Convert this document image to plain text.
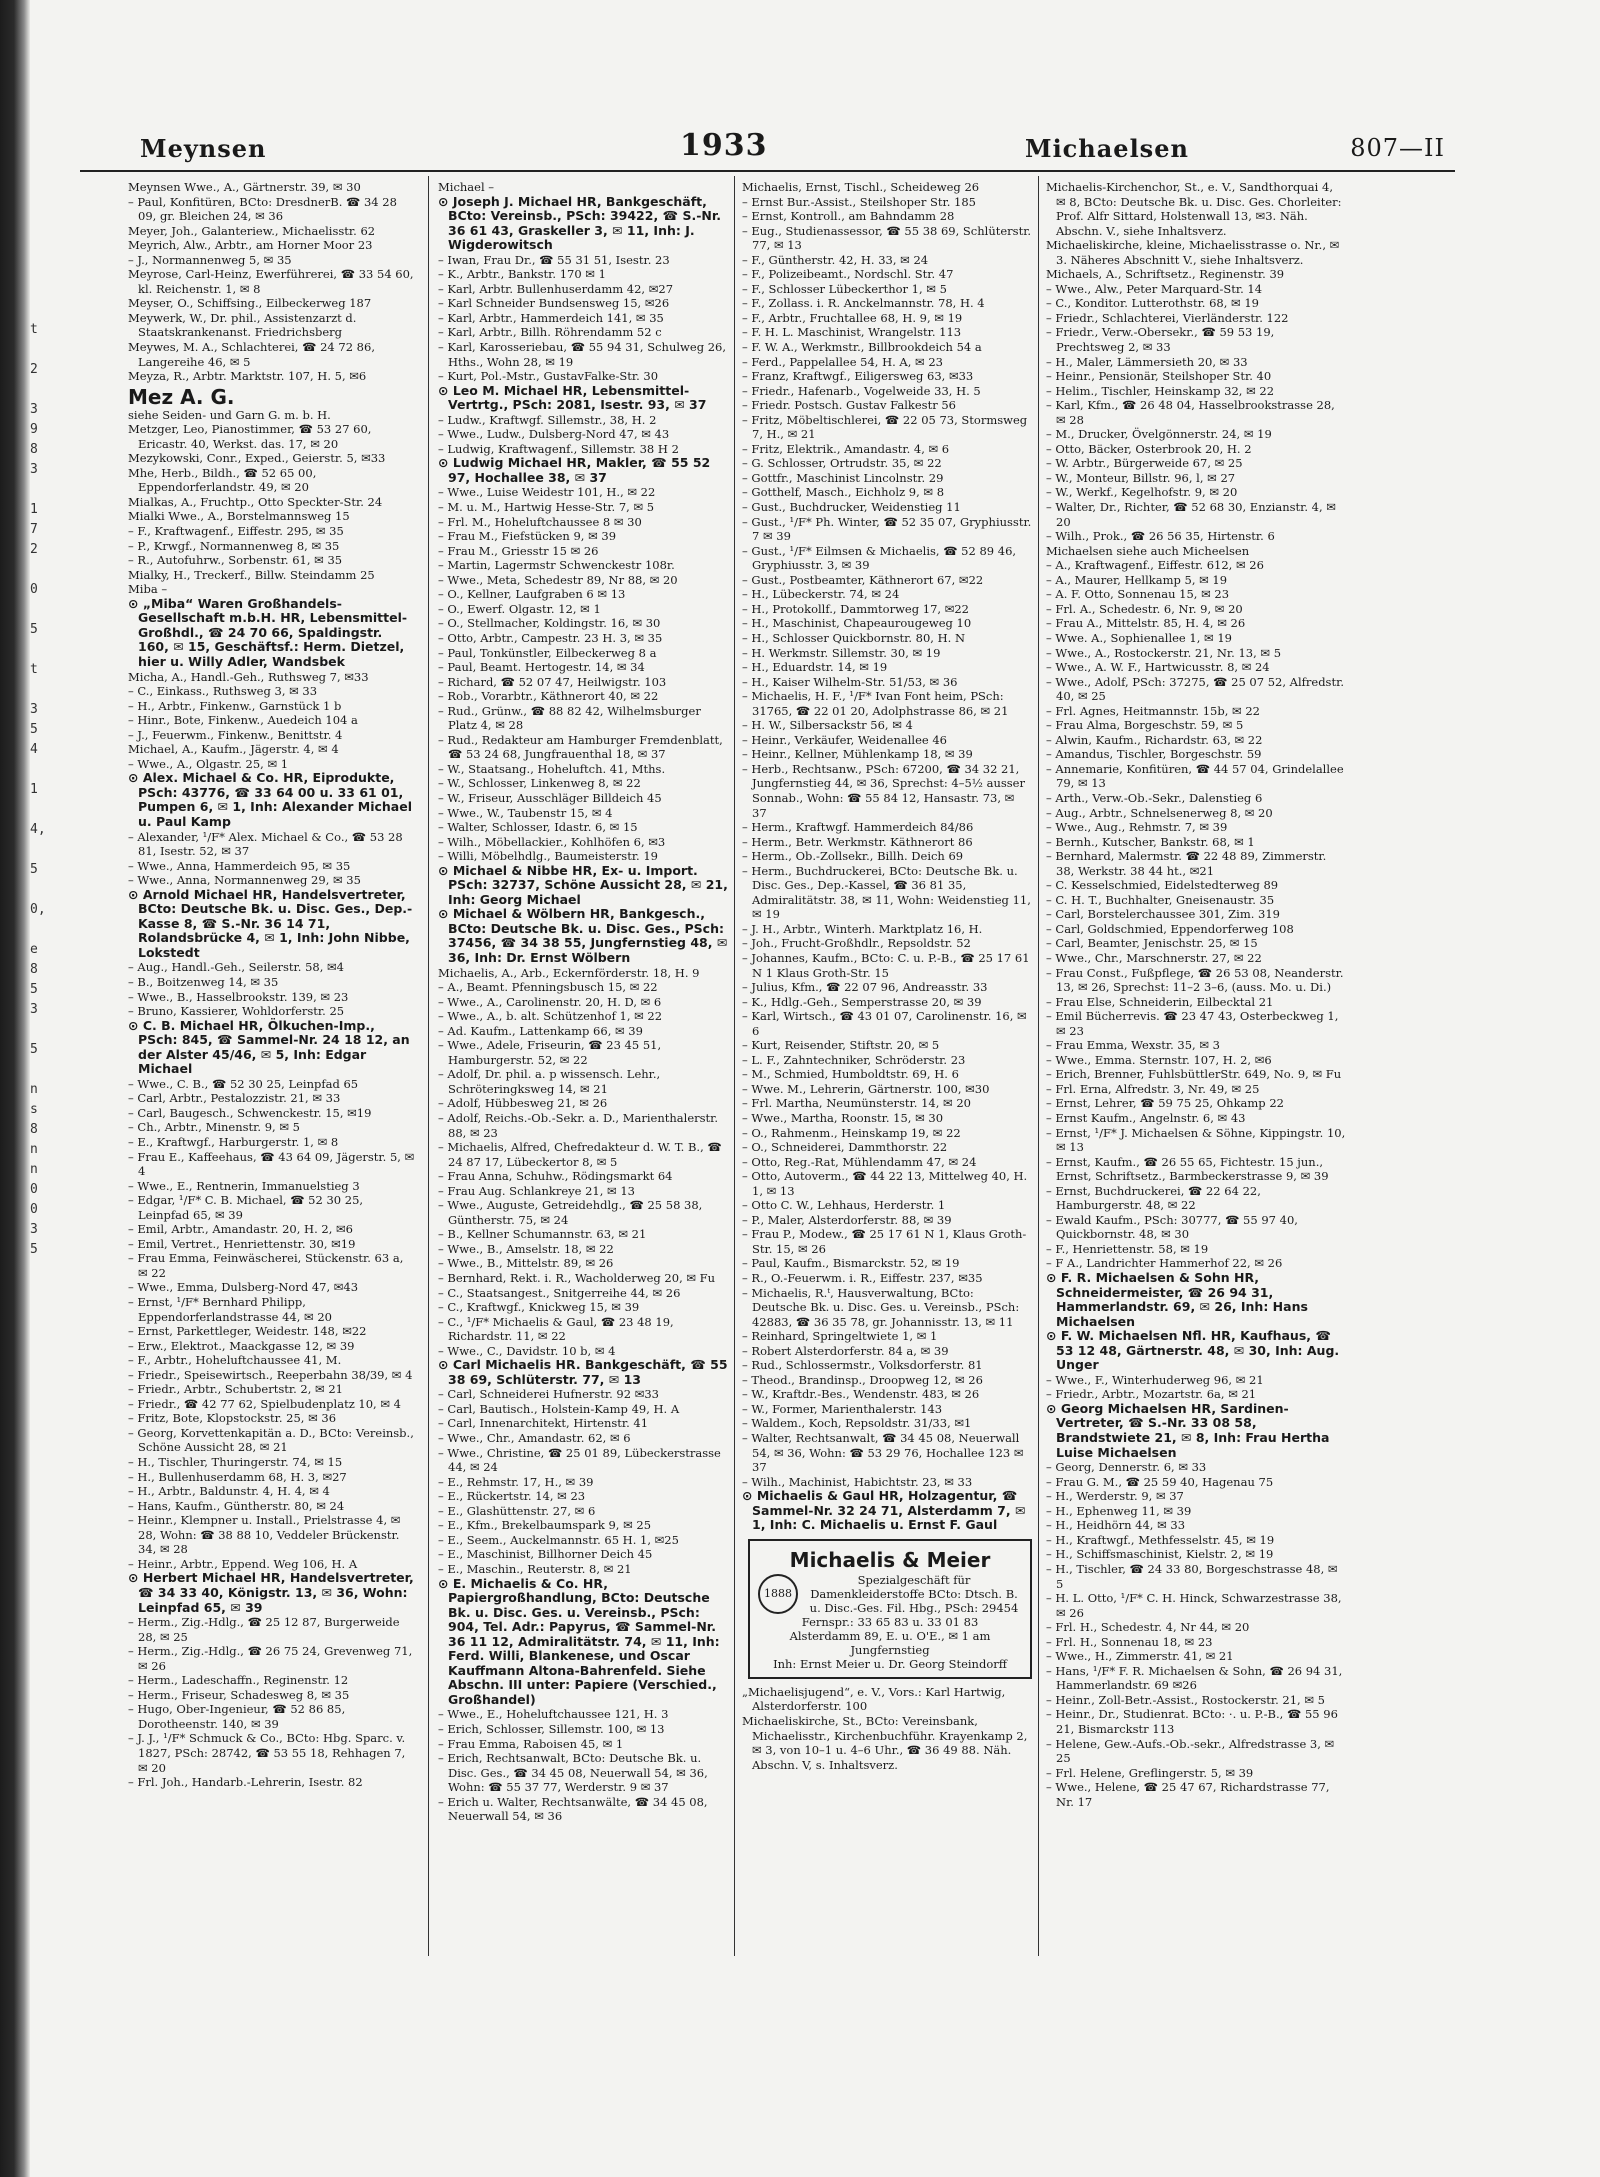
t

2

3
9
8
3

1
7
2

0

5

t

3
5
4

1

4,

5

0,

e
8
5
3

5

n
s
8
n
n
0
0
3
5
Meynsen	1933	Michaelsen	807—II
Meynsen Wwe., A., Gärtnerstr. 39, ✉ 30
– Paul, Konfitüren, BCto: DresdnerB. ☎ 34 28 09, gr. Bleichen 24, ✉ 36
Meyer, Joh., Galanteriew., Michaelisstr. 62
Meyrich, Alw., Arbtr., am Horner Moor 23
– J., Normannenweg 5, ✉ 35
Meyrose, Carl-Heinz, Ewerführerei, ☎ 33 54 60, kl. Reichenstr. 1, ✉ 8
Meyser, O., Schiffsing., Eilbeckerweg 187
Meywerk, W., Dr. phil., Assistenzarzt d. Staatskrankenanst. Friedrichsberg
Meywes, M. A., Schlachterei, ☎ 24 72 86, Langereihe 46, ✉ 5
Meyza, R., Arbtr. Marktstr. 107, H. 5, ✉6
Mez A. G.
siehe Seiden- und Garn G. m. b. H.
Metzger, Leo, Pianostimmer, ☎ 53 27 60, Ericastr. 40, Werkst. das. 17, ✉ 20
Mezykowski, Conr., Exped., Geierstr. 5, ✉33
Mhe, Herb., Bildh., ☎ 52 65 00, Eppendorferlandstr. 49, ✉ 20
Mialkas, A., Fruchtp., Otto Speckter-Str. 24
Mialki Wwe., A., Borstelmannsweg 15
– F., Kraftwagenf., Eiffestr. 295, ✉ 35
– P., Krwgf., Normannenweg 8, ✉ 35
– R., Autofuhrw., Sorbenstr. 61, ✉ 35
Mialky, H., Treckerf., Billw. Steindamm 25
Miba –
⊙ „Miba“ Waren Großhandels-Gesellschaft m.b.H. HR, Lebensmittel-Großhdl., ☎ 24 70 66, Spaldingstr. 160, ✉ 15, Geschäftsf.: Herm. Dietzel, hier u. Willy Adler, Wandsbek
Micha, A., Handl.-Geh., Ruthsweg 7, ✉33
– C., Einkass., Ruthsweg 3, ✉ 33
– H., Arbtr., Finkenw., Garnstück 1 b
– Hinr., Bote, Finkenw., Auedeich 104 a
– J., Feuerwm., Finkenw., Benittstr. 4
Michael, A., Kaufm., Jägerstr. 4, ✉ 4
– Wwe., A., Olgastr. 25, ✉ 1
⊙ Alex. Michael & Co. HR, Eiprodukte, PSch: 43776, ☎ 33 64 00 u. 33 61 01, Pumpen 6, ✉ 1, Inh: Alexander Michael u. Paul Kamp
– Alexander, ¹/F* Alex. Michael & Co., ☎ 53 28 81, Isestr. 52, ✉ 37
– Wwe., Anna, Hammerdeich 95, ✉ 35
– Wwe., Anna, Normannenweg 29, ✉ 35
⊙ Arnold Michael HR, Handelsvertreter, BCto: Deutsche Bk. u. Disc. Ges., Dep.-Kasse 8, ☎ S.-Nr. 36 14 71, Rolandsbrücke 4, ✉ 1, Inh: John Nibbe, Lokstedt
– Aug., Handl.-Geh., Seilerstr. 58, ✉4
– B., Boitzenweg 14, ✉ 35
– Wwe., B., Hasselbrookstr. 139, ✉ 23
– Bruno, Kassierer, Wohldorferstr. 25
⊙ C. B. Michael HR, Ölkuchen-Imp., PSch: 845, ☎ Sammel-Nr. 24 18 12, an der Alster 45/46, ✉ 5, Inh: Edgar Michael
– Wwe., C. B., ☎ 52 30 25, Leinpfad 65
– Carl, Arbtr., Pestalozzistr. 21, ✉ 33
– Carl, Baugesch., Schwenckestr. 15, ✉19
– Ch., Arbtr., Minenstr. 9, ✉ 5
– E., Kraftwgf., Harburgerstr. 1, ✉ 8
– Frau E., Kaffeehaus, ☎ 43 64 09, Jägerstr. 5, ✉ 4
– Wwe., E., Rentnerin, Immanuelstieg 3
– Edgar, ¹/F* C. B. Michael, ☎ 52 30 25, Leinpfad 65, ✉ 39
– Emil, Arbtr., Amandastr. 20, H. 2, ✉6
– Emil, Vertret., Henriettenstr. 30, ✉19
– Frau Emma, Feinwäscherei, Stückenstr. 63 a, ✉ 22
– Wwe., Emma, Dulsberg-Nord 47, ✉43
– Ernst, ¹/F* Bernhard Philipp, Eppendorferlandstrasse 44, ✉ 20
– Ernst, Parkettleger, Weidestr. 148, ✉22
– Erw., Elektrot., Maackgasse 12, ✉ 39
– F., Arbtr., Hoheluftchaussee 41, M.
– Friedr., Speisewirtsch., Reeperbahn 38/39, ✉ 4
– Friedr., Arbtr., Schubertstr. 2, ✉ 21
– Friedr., ☎ 42 77 62, Spielbudenplatz 10, ✉ 4
– Fritz, Bote, Klopstockstr. 25, ✉ 36
– Georg, Korvettenkapitän a. D., BCto: Vereinsb., Schöne Aussicht 28, ✉ 21
– H., Tischler, Thuringerstr. 74, ✉ 15
– H., Bullenhuserdamm 68, H. 3, ✉27
– H., Arbtr., Baldunstr. 4, H. 4, ✉ 4
– Hans, Kaufm., Güntherstr. 80, ✉ 24
– Heinr., Klempner u. Install., Prielstrasse 4, ✉ 28, Wohn: ☎ 38 88 10, Veddeler Brückenstr. 34, ✉ 28
– Heinr., Arbtr., Eppend. Weg 106, H. A
⊙ Herbert Michael HR, Handelsvertreter, ☎ 34 33 40, Königstr. 13, ✉ 36, Wohn: Leinpfad 65, ✉ 39
– Herm., Zig.-Hdlg., ☎ 25 12 87, Burgerweide 28, ✉ 25
– Herm., Zig.-Hdlg., ☎ 26 75 24, Grevenweg 71, ✉ 26
– Herm., Ladeschaffn., Reginenstr. 12
– Herm., Friseur, Schadesweg 8, ✉ 35
– Hugo, Ober-Ingenieur, ☎ 52 86 85, Dorotheenstr. 140, ✉ 39
– J. J., ¹/F* Schmuck & Co., BCto: Hbg. Sparc. v. 1827, PSch: 28742, ☎ 53 55 18, Rehhagen 7, ✉ 20
– Frl. Joh., Handarb.-Lehrerin, Isestr. 82
Michael –
⊙ Joseph J. Michael HR, Bankgeschäft, BCto: Vereinsb., PSch: 39422, ☎ S.-Nr. 36 61 43, Graskeller 3, ✉ 11, Inh: J. Wigderowitsch
– Iwan, Frau Dr., ☎ 55 31 51, Isestr. 23
– K., Arbtr., Bankstr. 170 ✉ 1
– Karl, Arbtr. Bullenhuserdamm 42, ✉27
– Karl Schneider Bundsensweg 15, ✉26
– Karl, Arbtr., Hammerdeich 141, ✉ 35
– Karl, Arbtr., Billh. Röhrendamm 52 c
– Karl, Karosseriebau, ☎ 55 94 31, Schulweg 26, Hths., Wohn 28, ✉ 19
– Kurt, Pol.-Mstr., GustavFalke-Str. 30
⊙ Leo M. Michael HR, Lebensmittel-Vertrtg., PSch: 2081, Isestr. 93, ✉ 37
– Ludw., Kraftwgf. Sillemstr., 38, H. 2
– Wwe., Ludw., Dulsberg-Nord 47, ✉ 43
– Ludwig, Kraftwagenf., Sillemstr. 38 H 2
⊙ Ludwig Michael HR, Makler, ☎ 55 52 97, Hochallee 38, ✉ 37
– Wwe., Luise Weidestr 101, H., ✉ 22
– M. u. M., Hartwig Hesse-Str. 7, ✉ 5
– Frl. M., Hoheluftchaussee 8 ✉ 30
– Frau M., Fiefstücken 9, ✉ 39
– Frau M., Griesstr 15 ✉ 26
– Martin, Lagermstr Schwenckestr 108r.
– Wwe., Meta, Schedestr 89, Nr 88, ✉ 20
– O., Kellner, Laufgraben 6 ✉ 13
– O., Ewerf. Olgastr. 12, ✉ 1
– O., Stellmacher, Koldingstr. 16, ✉ 30
– Otto, Arbtr., Campestr. 23 H. 3, ✉ 35
– Paul, Tonkünstler, Eilbeckerweg 8 a
– Paul, Beamt. Hertogestr. 14, ✉ 34
– Richard, ☎ 52 07 47, Heilwigstr. 103
– Rob., Vorarbtr., Käthnerort 40, ✉ 22
– Rud., Grünw., ☎ 88 82 42, Wilhelmsburger Platz 4, ✉ 28
– Rud., Redakteur am Hamburger Fremdenblatt, ☎ 53 24 68, Jungfrauenthal 18, ✉ 37
– W., Staatsang., Hoheluftch. 41, Mths.
– W., Schlosser, Linkenweg 8, ✉ 22
– W., Friseur, Ausschläger Billdeich 45
– Wwe., W., Taubenstr 15, ✉ 4
– Walter, Schlosser, Idastr. 6, ✉ 15
– Wilh., Möbellackier., Kohlhöfen 6, ✉3
– Willi, Möbelhdlg., Baumeisterstr. 19
⊙ Michael & Nibbe HR, Ex- u. Import. PSch: 32737, Schöne Aussicht 28, ✉ 21, Inh: Georg Michael
⊙ Michael & Wölbern HR, Bankgesch., BCto: Deutsche Bk. u. Disc. Ges., PSch: 37456, ☎ 34 38 55, Jungfernstieg 48, ✉ 36, Inh: Dr. Ernst Wölbern
Michaelis, A., Arb., Eckernförderstr. 18, H. 9
– A., Beamt. Pfenningsbusch 15, ✉ 22
– Wwe., A., Carolinenstr. 20, H. D, ✉ 6
– Wwe., A., b. alt. Schützenhof 1, ✉ 22
– Ad. Kaufm., Lattenkamp 66, ✉ 39
– Wwe., Adele, Friseurin, ☎ 23 45 51, Hamburgerstr. 52, ✉ 22
– Adolf, Dr. phil. a. p wissensch. Lehr., Schröteringksweg 14, ✉ 21
– Adolf, Hübbesweg 21, ✉ 26
– Adolf, Reichs.-Ob.-Sekr. a. D., Marienthalerstr. 88, ✉ 23
– Michaelis, Alfred, Chefredakteur d. W. T. B., ☎ 24 87 17, Lübeckertor 8, ✉ 5
– Frau Anna, Schuhw., Rödingsmarkt 64
– Frau Aug. Schlankreye 21, ✉ 13
– Wwe., Auguste, Getreidehdlg., ☎ 25 58 38, Güntherstr. 75, ✉ 24
– B., Kellner Schumannstr. 63, ✉ 21
– Wwe., B., Amselstr. 18, ✉ 22
– Wwe., B., Mittelstr. 89, ✉ 26
– Bernhard, Rekt. i. R., Wacholderweg 20, ✉ Fu
– C., Staatsangest., Snitgerreihe 44, ✉ 26
– C., Kraftwgf., Knickweg 15, ✉ 39
– C., ¹/F* Michaelis & Gaul, ☎ 23 48 19, Richardstr. 11, ✉ 22
– Wwe., C., Davidstr. 10 b, ✉ 4
⊙ Carl Michaelis HR. Bankgeschäft, ☎ 55 38 69, Schlüterstr. 77, ✉ 13
– Carl, Schneiderei Hufnerstr. 92 ✉33
– Carl, Bautisch., Holstein-Kamp 49, H. A
– Carl, Innenarchitekt, Hirtenstr. 41
– Wwe., Chr., Amandastr. 62, ✉ 6
– Wwe., Christine, ☎ 25 01 89, Lübeckerstrasse 44, ✉ 24
– E., Rehmstr. 17, H., ✉ 39
– E., Rückertstr. 14, ✉ 23
– E., Glashüttenstr. 27, ✉ 6
– E., Kfm., Brekelbaumspark 9, ✉ 25
– E., Seem., Auckelmannstr. 65 H. 1, ✉25
– E., Maschinist, Billhorner Deich 45
– E., Maschin., Reuterstr. 8, ✉ 21
⊙ E. Michaelis & Co. HR, Papiergroßhandlung, BCto: Deutsche Bk. u. Disc. Ges. u. Vereinsb., PSch: 904, Tel. Adr.: Papyrus, ☎ Sammel-Nr. 36 11 12, Admiralitätstr. 74, ✉ 11, Inh: Ferd. Willi, Blankenese, und Oscar Kauffmann Altona-Bahrenfeld. Siehe Abschn. III unter: Papiere (Verschied., Großhandel)
– Wwe., E., Hoheluftchaussee 121, H. 3
– Erich, Schlosser, Sillemstr. 100, ✉ 13
– Frau Emma, Raboisen 45, ✉ 1
– Erich, Rechtsanwalt, BCto: Deutsche Bk. u. Disc. Ges., ☎ 34 45 08, Neuerwall 54, ✉ 36, Wohn: ☎ 55 37 77, Werderstr. 9 ✉ 37
– Erich u. Walter, Rechtsanwälte, ☎ 34 45 08, Neuerwall 54, ✉ 36
Michaelis, Ernst, Tischl., Scheideweg 26
– Ernst Bur.-Assist., Steilshoper Str. 185
– Ernst, Kontroll., am Bahndamm 28
– Eug., Studienassessor, ☎ 55 38 69, Schlüterstr. 77, ✉ 13
– F., Güntherstr. 42, H. 33, ✉ 24
– F., Polizeibeamt., Nordschl. Str. 47
– F., Schlosser Lübeckerthor 1, ✉ 5
– F., Zollass. i. R. Anckelmannstr. 78, H. 4
– F., Arbtr., Fruchtallee 68, H. 9, ✉ 19
– F. H. L. Maschinist, Wrangelstr. 113
– F. W. A., Werkmstr., Billbrookdeich 54 a
– Ferd., Pappelallee 54, H. A, ✉ 23
– Franz, Kraftwgf., Eiligersweg 63, ✉33
– Friedr., Hafenarb., Vogelweide 33, H. 5
– Friedr. Postsch. Gustav Falkestr 56
– Fritz, Möbeltischlerei, ☎ 22 05 73, Stormsweg 7, H., ✉ 21
– Fritz, Elektrik., Amandastr. 4, ✉ 6
– G. Schlosser, Ortrudstr. 35, ✉ 22
– Gottfr., Maschinist Lincolnstr. 29
– Gotthelf, Masch., Eichholz 9, ✉ 8
– Gust., Buchdrucker, Weidenstieg 11
– Gust., ¹/F* Ph. Winter, ☎ 52 35 07, Gryphiusstr. 7 ✉ 39
– Gust., ¹/F* Eilmsen & Michaelis, ☎ 52 89 46, Gryphiusstr. 3, ✉ 39
– Gust., Postbeamter, Käthnerort 67, ✉22
– H., Lübeckerstr. 74, ✉ 24
– H., Protokollf., Dammtorweg 17, ✉22
– H., Maschinist, Chapeaurougeweg 10
– H., Schlosser Quickbornstr. 80, H. N
– H. Werkmstr. Sillemstr. 30, ✉ 19
– H., Eduardstr. 14, ✉ 19
– H., Kaiser Wilhelm-Str. 51/53, ✉ 36
– Michaelis, H. F., ¹/F* Ivan Font heim, PSch: 31765, ☎ 22 01 20, Adolphstrasse 86, ✉ 21
– H. W., Silbersackstr 56, ✉ 4
– Heinr., Verkäufer, Weidenallee 46
– Heinr., Kellner, Mühlenkamp 18, ✉ 39
– Herb., Rechtsanw., PSch: 67200, ☎ 34 32 21, Jungfernstieg 44, ✉ 36, Sprechst: 4–5½ ausser Sonnab., Wohn: ☎ 55 84 12, Hansastr. 73, ✉ 37
– Herm., Kraftwgf. Hammerdeich 84/86
– Herm., Betr. Werkmstr. Käthnerort 86
– Herm., Ob.-Zollsekr., Billh. Deich 69
– Herm., Buchdruckerei, BCto: Deutsche Bk. u. Disc. Ges., Dep.-Kassel, ☎ 36 81 35, Admiralitätstr. 38, ✉ 11, Wohn: Weidenstieg 11, ✉ 19
– J. H., Arbtr., Winterh. Marktplatz 16, H.
– Joh., Frucht-Großhdlr., Repsoldstr. 52
– Johannes, Kaufm., BCto: C. u. P.-B., ☎ 25 17 61 N 1 Klaus Groth-Str. 15
– Julius, Kfm., ☎ 22 07 96, Andreasstr. 33
– K., Hdlg.-Geh., Semperstrasse 20, ✉ 39
– Karl, Wirtsch., ☎ 43 01 07, Carolinenstr. 16, ✉ 6
– Kurt, Reisender, Stiftstr. 20, ✉ 5
– L. F., Zahntechniker, Schröderstr. 23
– M., Schmied, Humboldtstr. 69, H. 6
– Wwe. M., Lehrerin, Gärtnerstr. 100, ✉30
– Frl. Martha, Neumünsterstr. 14, ✉ 20
– Wwe., Martha, Roonstr. 15, ✉ 30
– O., Rahmenm., Heinskamp 19, ✉ 22
– O., Schneiderei, Dammthorstr. 22
– Otto, Reg.-Rat, Mühlendamm 47, ✉ 24
– Otto, Autoverm., ☎ 44 22 13, Mittelweg 40, H. 1, ✉ 13
– Otto C. W., Lehhaus, Herderstr. 1
– P., Maler, Alsterdorferstr. 88, ✉ 39
– Frau P., Modew., ☎ 25 17 61 N 1, Klaus Groth-Str. 15, ✉ 26
– Paul, Kaufm., Bismarckstr. 52, ✉ 19
– R., O.-Feuerwm. i. R., Eiffestr. 237, ✉35
– Michaelis, R.ᵗ, Hausverwaltung, BCto: Deutsche Bk. u. Disc. Ges. u. Vereinsb., PSch: 42883, ☎ 36 35 78, gr. Johannisstr. 13, ✉ 11
– Reinhard, Springeltwiete 1, ✉ 1
– Robert Alsterdorferstr. 84 a, ✉ 39
– Rud., Schlossermstr., Volksdorferstr. 81
– Theod., Brandinsp., Droopweg 12, ✉ 26
– W., Kraftdr.-Bes., Wendenstr. 483, ✉ 26
– W., Former, Marienthalerstr. 143
– Waldem., Koch, Repsoldstr. 31/33, ✉1
– Walter, Rechtsanwalt, ☎ 34 45 08, Neuerwall 54, ✉ 36, Wohn: ☎ 53 29 76, Hochallee 123 ✉ 37
– Wilh., Machinist, Habichtstr. 23, ✉ 33
⊙ Michaelis & Gaul HR, Holzagentur, ☎ Sammel-Nr. 32 24 71, Alsterdamm 7, ✉ 1, Inh: C. Michaelis u. Ernst F. Gaul
Michaelis & Meier
1888
Spezialgeschäft für Damenkleiderstoffe BCto: Dtsch. B. u. Disc.-Ges. Fil. Hbg., PSch: 29454
Fernspr.: 33 65 83 u. 33 01 83
Alsterdamm 89, E. u. O'E., ✉ 1 am Jungfernstieg
Inh: Ernst Meier u. Dr. Georg Steindorff
„Michaelisjugend“, e. V., Vors.: Karl Hartwig, Alsterdorferstr. 100
Michaeliskirche, St., BCto: Vereinsbank, Michaelisstr., Kirchenbuchführ. Krayenkamp 2, ✉ 3, von 10–1 u. 4–6 Uhr., ☎ 36 49 88. Näh. Abschn. V, s. Inhaltsverz.
Michaelis-Kirchenchor, St., e. V., Sandthorquai 4, ✉ 8, BCto: Deutsche Bk. u. Disc. Ges. Chorleiter: Prof. Alfr Sittard, Holstenwall 13, ✉3. Näh. Abschn. V., siehe Inhaltsverz.
Michaeliskirche, kleine, Michaelisstrasse o. Nr., ✉ 3. Näheres Abschnitt V., siehe Inhaltsverz.
Michaels, A., Schriftsetz., Reginenstr. 39
– Wwe., Alw., Peter Marquard-Str. 14
– C., Konditor. Lutterothstr. 68, ✉ 19
– Friedr., Schlachterei, Vierländerstr. 122
– Friedr., Verw.-Obersekr., ☎ 59 53 19, Prechtsweg 2, ✉ 33
– H., Maler, Lämmersieth 20, ✉ 33
– Heinr., Pensionär, Steilshoper Str. 40
– Helim., Tischler, Heinskamp 32, ✉ 22
– Karl, Kfm., ☎ 26 48 04, Hasselbrookstrasse 28, ✉ 28
– M., Drucker, Övelgönnerstr. 24, ✉ 19
– Otto, Bäcker, Osterbrook 20, H. 2
– W. Arbtr., Bürgerweide 67, ✉ 25
– W., Monteur, Billstr. 96, l, ✉ 27
– W., Werkf., Kegelhofstr. 9, ✉ 20
– Walter, Dr., Richter, ☎ 52 68 30, Enzianstr. 4, ✉ 20
– Wilh., Prok., ☎ 26 56 35, Hirtenstr. 6
Michaelsen siehe auch Micheelsen
– A., Kraftwagenf., Eiffestr. 612, ✉ 26
– A., Maurer, Hellkamp 5, ✉ 19
– A. F. Otto, Sonnenau 15, ✉ 23
– Frl. A., Schedestr. 6, Nr. 9, ✉ 20
– Frau A., Mittelstr. 85, H. 4, ✉ 26
– Wwe. A., Sophienallee 1, ✉ 19
– Wwe., A., Rostockerstr. 21, Nr. 13, ✉ 5
– Wwe., A. W. F., Hartwicusstr. 8, ✉ 24
– Wwe., Adolf, PSch: 37275, ☎ 25 07 52, Alfredstr. 40, ✉ 25
– Frl. Agnes, Heitmannstr. 15b, ✉ 22
– Frau Alma, Borgeschstr. 59, ✉ 5
– Alwin, Kaufm., Richardstr. 63, ✉ 22
– Amandus, Tischler, Borgeschstr. 59
– Annemarie, Konfitüren, ☎ 44 57 04, Grindelallee 79, ✉ 13
– Arth., Verw.-Ob.-Sekr., Dalenstieg 6
– Aug., Arbtr., Schnelsenerweg 8, ✉ 20
– Wwe., Aug., Rehmstr. 7, ✉ 39
– Bernh., Kutscher, Bankstr. 68, ✉ 1
– Bernhard, Malermstr. ☎ 22 48 89, Zimmerstr. 38, Werkstr. 38 44 ht., ✉21
– C. Kesselschmied, Eidelstedterweg 89
– C. H. T., Buchhalter, Gneisenaustr. 35
– Carl, Borstelerchaussee 301, Zim. 319
– Carl, Goldschmied, Eppendorferweg 108
– Carl, Beamter, Jenischstr. 25, ✉ 15
– Wwe., Chr., Marschnerstr. 27, ✉ 22
– Frau Const., Fußpflege, ☎ 26 53 08, Neanderstr. 13, ✉ 26, Sprechst: 11–2 3–6, (auss. Mo. u. Di.)
– Frau Else, Schneiderin, Eilbecktal 21
– Emil Bücherrevis. ☎ 23 47 43, Osterbeckweg 1, ✉ 23
– Frau Emma, Wexstr. 35, ✉ 3
– Wwe., Emma. Sternstr. 107, H. 2, ✉6
– Erich, Brenner, FuhlsbüttlerStr. 649, No. 9, ✉ Fu
– Frl. Erna, Alfredstr. 3, Nr. 49, ✉ 25
– Ernst, Lehrer, ☎ 59 75 25, Ohkamp 22
– Ernst Kaufm., Angelnstr. 6, ✉ 43
– Ernst, ¹/F* J. Michaelsen & Söhne, Kippingstr. 10, ✉ 13
– Ernst, Kaufm., ☎ 26 55 65, Fichtestr. 15 jun., Ernst, Schriftsetz., Barmbeckerstrasse 9, ✉ 39
– Ernst, Buchdruckerei, ☎ 22 64 22, Hamburgerstr. 48, ✉ 22
– Ewald Kaufm., PSch: 30777, ☎ 55 97 40, Quickbornstr. 48, ✉ 30
– F., Henriettenstr. 58, ✉ 19
– F A., Landrichter Hammerhof 22, ✉ 26
⊙ F. R. Michaelsen & Sohn HR, Schneidermeister, ☎ 26 94 31, Hammerlandstr. 69, ✉ 26, Inh: Hans Michaelsen
⊙ F. W. Michaelsen Nfl. HR, Kaufhaus, ☎ 53 12 48, Gärtnerstr. 48, ✉ 30, Inh: Aug. Unger
– Wwe., F., Winterhuderweg 96, ✉ 21
– Friedr., Arbtr., Mozartstr. 6a, ✉ 21
⊙ Georg Michaelsen HR, Sardinen-Vertreter, ☎ S.-Nr. 33 08 58, Brandstwiete 21, ✉ 8, Inh: Frau Hertha Luise Michaelsen
– Georg, Dennerstr. 6, ✉ 33
– Frau G. M., ☎ 25 59 40, Hagenau 75
– H., Werderstr. 9, ✉ 37
– H., Ephenweg 11, ✉ 39
– H., Heidhörn 44, ✉ 33
– H., Kraftwgf., Methfesselstr. 45, ✉ 19
– H., Schiffsmaschinist, Kielstr. 2, ✉ 19
– H., Tischler, ☎ 24 33 80, Borgeschstrasse 48, ✉ 5
– H. L. Otto, ¹/F* C. H. Hinck, Schwarzestrasse 38, ✉ 26
– Frl. H., Schedestr. 4, Nr 44, ✉ 20
– Frl. H., Sonnenau 18, ✉ 23
– Wwe., H., Zimmerstr. 41, ✉ 21
– Hans, ¹/F* F. R. Michaelsen & Sohn, ☎ 26 94 31, Hammerlandstr. 69 ✉26
– Heinr., Zoll-Betr.-Assist., Rostockerstr. 21, ✉ 5
– Heinr., Dr., Studienrat. BCto: ·. u. P.-B., ☎ 55 96 21, Bismarckstr 113
– Helene, Gew.-Aufs.-Ob.-sekr., Alfredstrasse 3, ✉ 25
– Frl. Helene, Greflingerstr. 5, ✉ 39
– Wwe., Helene, ☎ 25 47 67, Richardstrasse 77, Nr. 17
